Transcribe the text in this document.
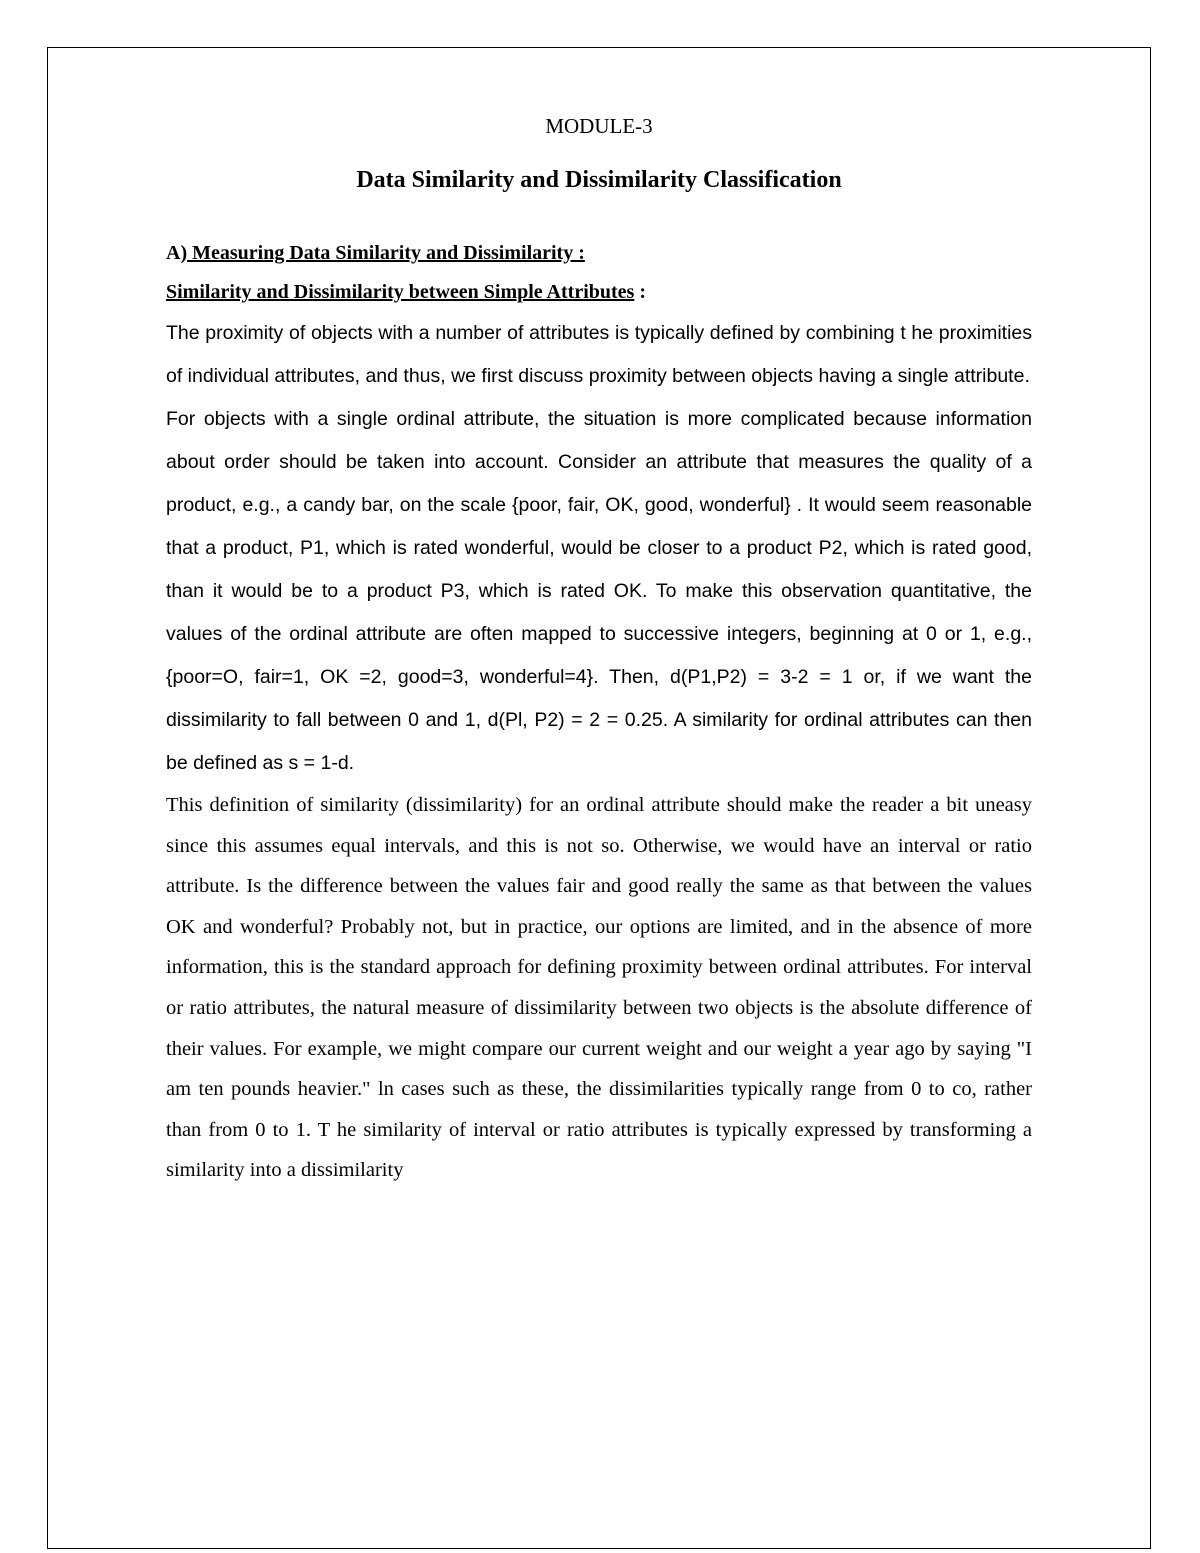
MODULE-3

Data Similarity and Dissimilarity Classification

A) Measuring Data Similarity and Dissimilarity :

Similarity and Dissimilarity between Simple Attributes :

The proximity of objects with a number of attributes is typically defined by combining t he proximities of individual attributes, and thus, we first discuss proximity between objects having a single attribute.

For objects with a single ordinal attribute, the situation is more complicated because information about order should be taken into account. Consider an attribute that measures the quality of a product, e.g., a candy bar, on the scale {poor, fair, OK, good, wonderful} . It would seem reasonable that a product, P1, which is rated wonderful, would be closer to a product P2, which is rated good, than it would be to a product P3, which is rated OK. To make this observation quantitative, the values of the ordinal attribute are often mapped to successive integers, beginning at 0 or 1, e.g., {poor=O, fair=1, OK =2, good=3, wonderful=4}. Then, d(P1,P2) = 3-2 = 1 or, if we want the dissimilarity to fall between 0 and 1, d(Pl, P2) = 2 = 0.25. A similarity for ordinal attributes can then be defined as s = 1-d.

This definition of similarity (dissimilarity) for an ordinal attribute should make the reader a bit uneasy since this assumes equal intervals, and this is not so. Otherwise, we would have an interval or ratio attribute. Is the difference between the values fair and good really the same as that between the values OK and wonderful? Probably not, but in practice, our options are limited, and in the absence of more information, this is the standard approach for defining proximity between ordinal attributes. For interval or ratio attributes, the natural measure of dissimilarity between two objects is the absolute difference of their values. For example, we might compare our current weight and our weight a year ago by saying "I am ten pounds heavier." ln cases such as these, the dissimilarities typically range from 0 to co, rather than from 0 to 1. T he similarity of interval or ratio attributes is typically expressed by transforming a similarity into a dissimilarity
